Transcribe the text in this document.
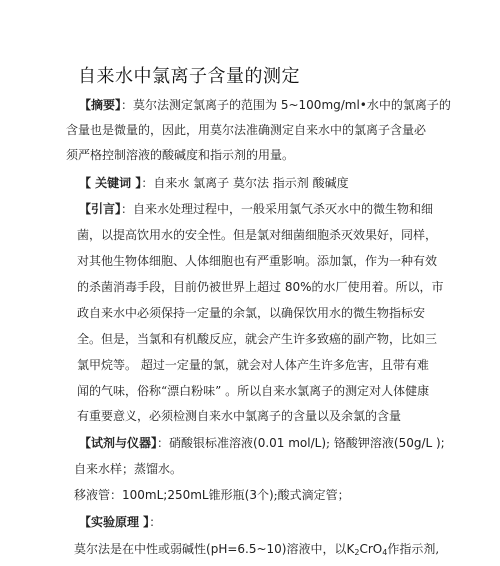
自来水中氯离子含量的测定
【摘要】：莫尔法测定氯离子的范围为 5~100mg/ml•水中的氯离子的
含量也是微量的，因此，用莫尔法准确测定自来水中的氯离子含量必
须严格控制溶液的酸碱度和指示剂的用量。
【 关键词 】：自来水 氯离子 莫尔法 指示剂 酸碱度
【引言】：自来水处理过程中，一般采用氯气杀灭水中的微生物和细
菌，以提高饮用水的安全性。但是氯对细菌细胞杀灭效果好，同样，
对其他生物体细胞、人体细胞也有严重影响。添加氯，作为一种有效
的杀菌消毒手段，目前仍被世界上超过 80%的水厂使用着。所以，市
政自来水中必须保持一定量的余氯，以确保饮用水的微生物指标安
全。但是，当氯和有机酸反应，就会产生许多致癌的副产物，比如三
氯甲烷等。 超过一定量的氯，就会对人体产生许多危害，且带有难
闻的气味，俗称“漂白粉味” 。所以自来水氯离子的测定对人体健康
有重要意义，必须检测自来水中氯离子的含量以及余氯的含量
【试剂与仪器】：硝酸银标准溶液(0.01 mol/L); 铬酸钾溶液(50g/L );
自来水样；蒸馏水。
移液管：100mL;250mL锥形瓶(3个);酸式滴定管；
【实验原理 】：
莫尔法是在中性或弱碱性(pH=6.5~10)溶液中，以$K_2CrO_4$作指示剂,
